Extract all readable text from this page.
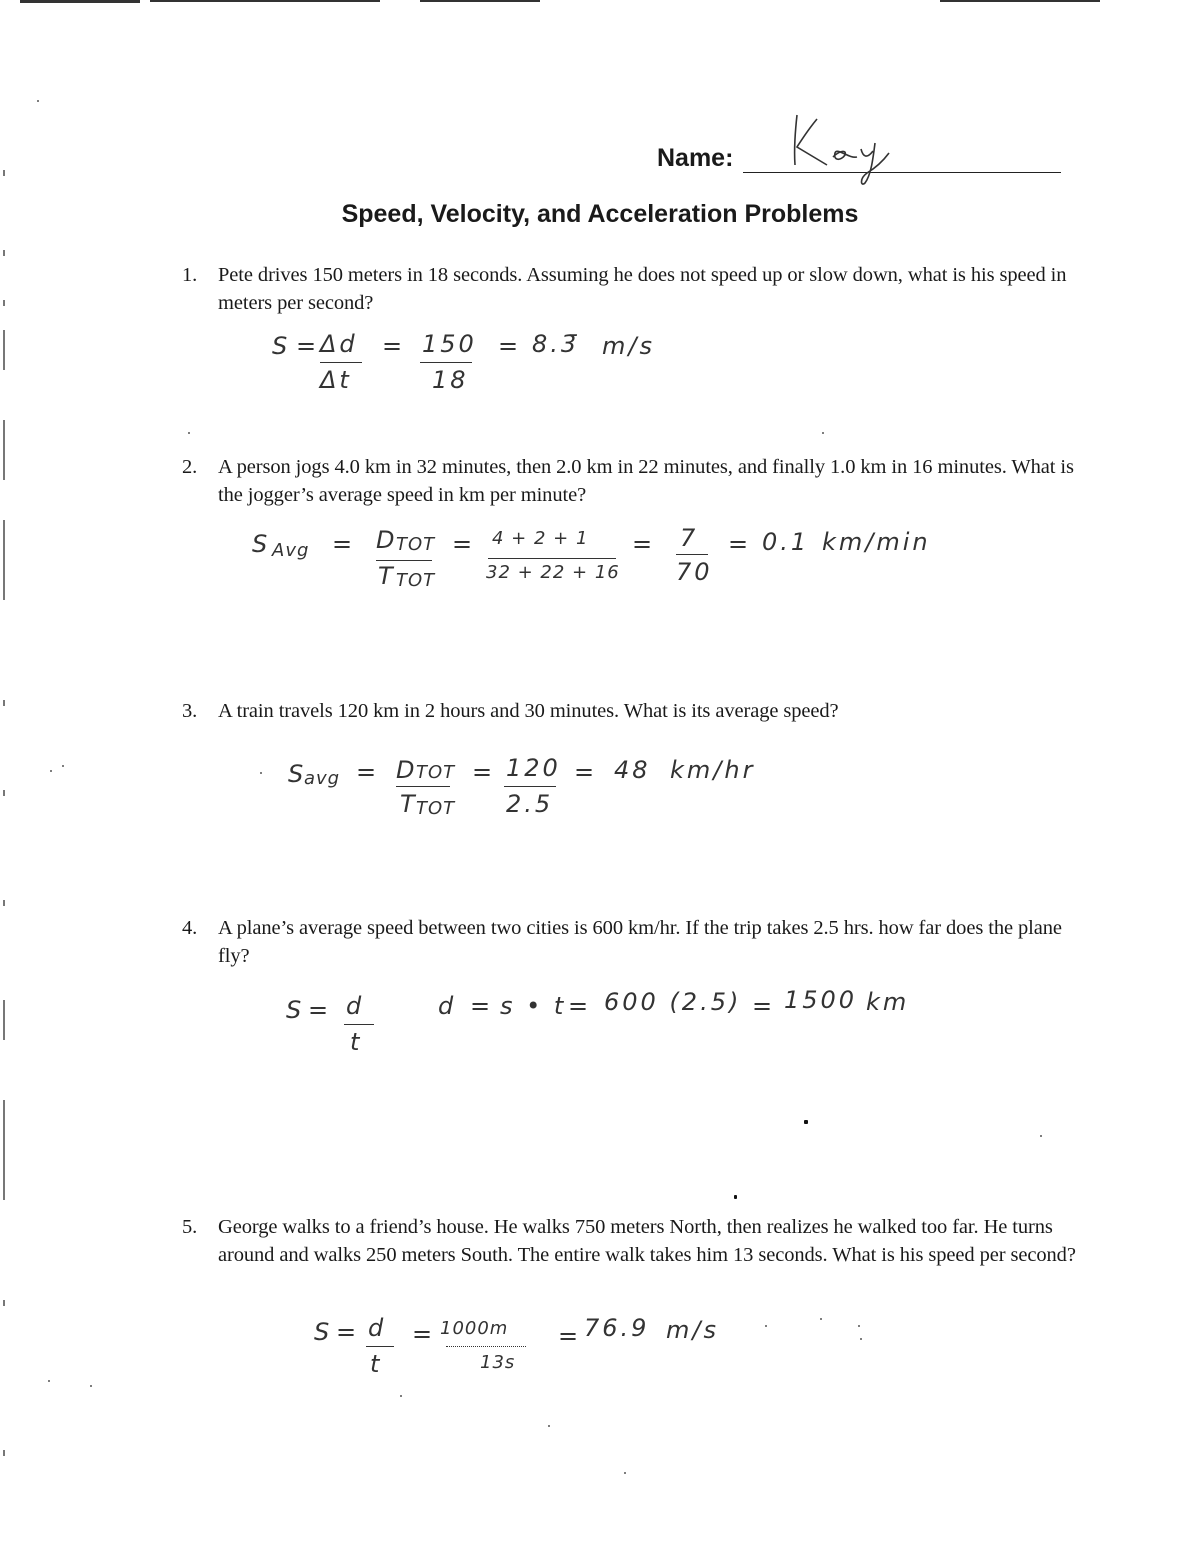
Name:
Speed, Velocity, and Acceleration Problems
1. Pete drives 150 meters in 18 seconds. Assuming he does not speed up or slow down, what is his speed in meters per second?
S = Δd
Δt
= 150
18
= 8.3̄ m/s
2. A person jogs 4.0 km in 32 minutes, then 2.0 km in 22 minutes, and finally 1.0 km in 16 minutes. What is the jogger’s average speed in km per minute?
S Avg = D
TOT
T TOT
= 4 + 2 + 1
32 + 22 + 16
= 7
70
= 0.1 km/min
3. A train travels 120 km in 2 hours and 30 minutes. What is its average speed?
S
avg = D
TOT
T
TOT
= 120
2.5
= 48 km/hr
4. A plane’s average speed between two cities is 600 km/hr. If the trip takes 2.5 hrs. how far does the plane fly?
S = d
t
d = s • t = 600 (2.5) = 1500 km
5. George walks to a friend’s house. He walks 750 meters North, then realizes he walked too far. He turns around and walks 250 meters South. The entire walk takes him 13 seconds. What is his speed per second?
S = d
t
= 1000m
13s
= 76.9 m/s
